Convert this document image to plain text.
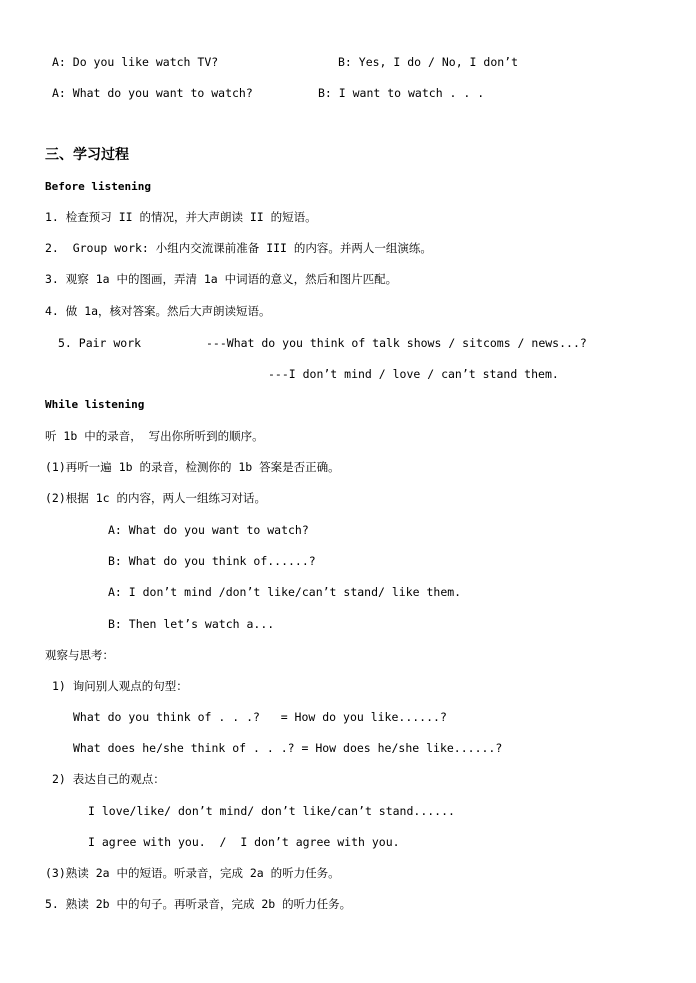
A: Do you like watch TV?	B: Yes, I do / No, I don’t
A: What do you want to watch?	B: I want to watch . . .
三、学习过程
Before listening
1. 检查预习 II 的情况，并大声朗读 II 的短语。
2.  Group work: 小组内交流课前准备 III 的内容。并两人一组演练。
3. 观察 1a 中的图画，弄清 1a 中词语的意义，然后和图片匹配。
4. 做 1a，核对答案。然后大声朗读短语。
5. Pair work	---What do you think of talk shows / sitcoms / news...?
---I don’t mind / love / can’t stand them.
While listening
听 1b 中的录音， 写出你所听到的顺序。
(1)再听一遍 1b 的录音，检测你的 1b 答案是否正确。
(2)根据 1c 的内容，两人一组练习对话。
A: What do you want to watch?
B: What do you think of......?
A: I don’t mind /don’t like/can’t stand/ like them.
B: Then let’s watch a...
观察与思考：
1) 询问别人观点的句型：
What do you think of . . .?   = How do you like......?
What does he/she think of . . .? = How does he/she like......?
2) 表达自己的观点：
I love/like/ don’t mind/ don’t like/can’t stand......
I agree with you.  /  I don’t agree with you.
(3)熟读 2a 中的短语。听录音，完成 2a 的听力任务。
5. 熟读 2b 中的句子。再听录音，完成 2b 的听力任务。
